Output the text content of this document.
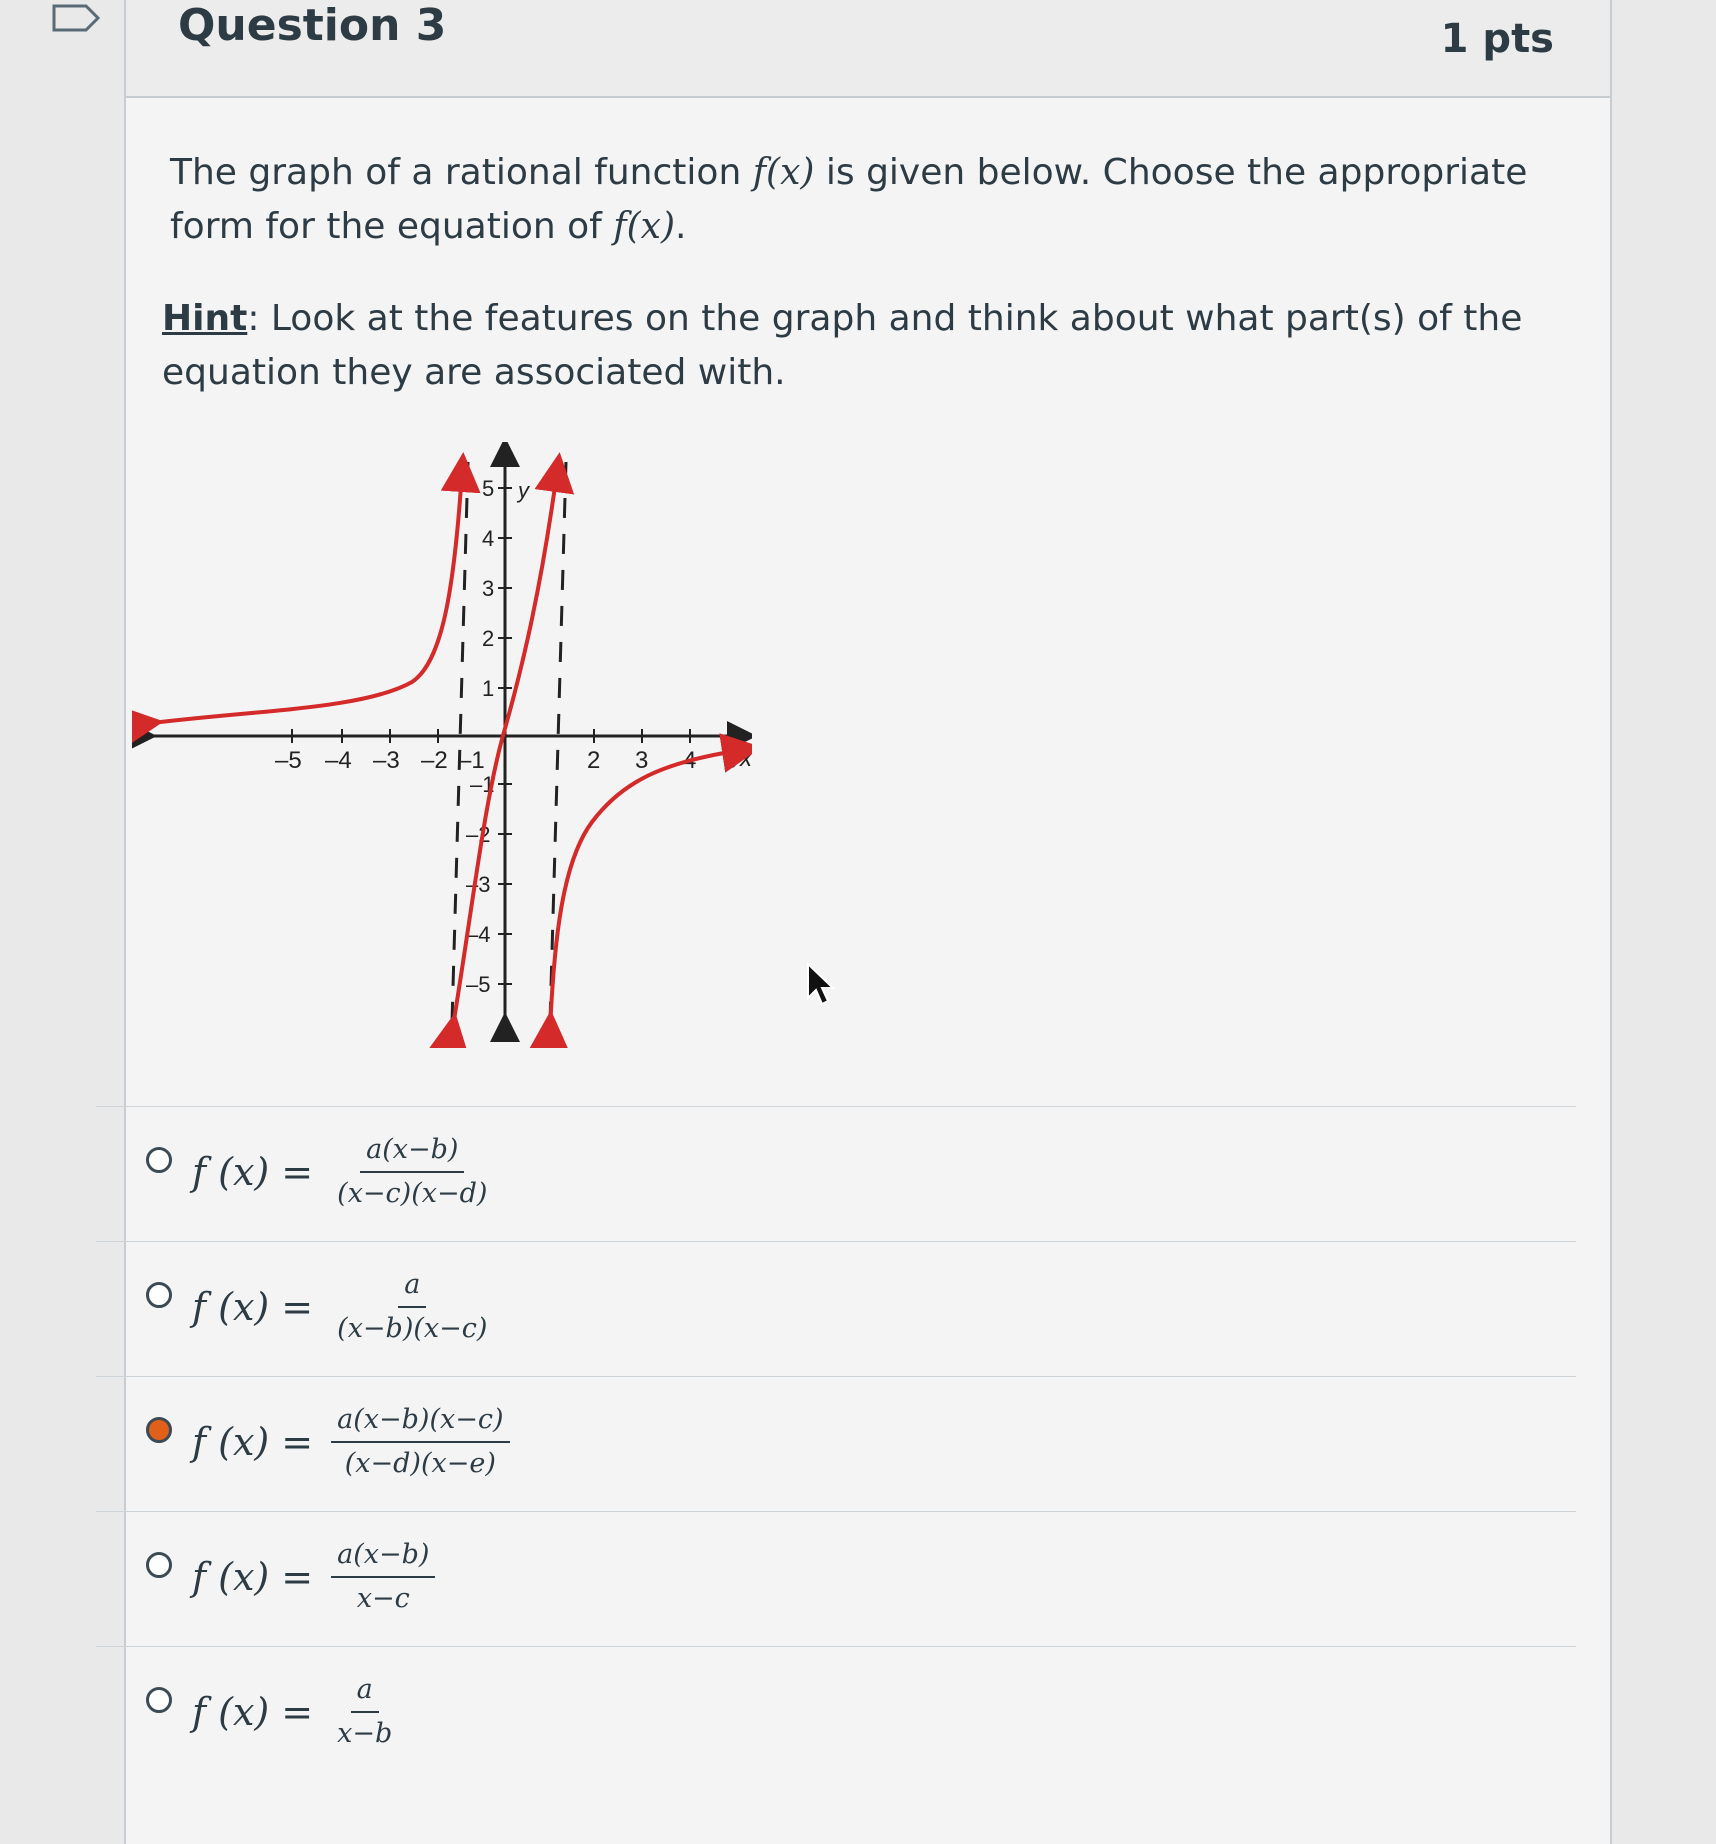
Question 3	1 pts
The graph of a rational function f(x) is given below. Choose the appropriate form for the equation of f(x).
Hint: Look at the features on the graph and think about what part(s) of the equation they are associated with.
–5 –4 –3 –2 –1	2 3 4 5 x
5 y
4
3
2
1
–1
–2
–3
–4
–5
f $(x) = \frac{a(x-b)}{(x-c)(x-d)}$
f $(x) = \frac{a}{(x-b)(x-c)}$
f $(x) = \frac{a(x-b)(x-c)}{(x-d)(x-e)}$
f $(x) = \frac{a(x-b)}{x-c}$
f $(x) = \frac{a}{x-b}$
